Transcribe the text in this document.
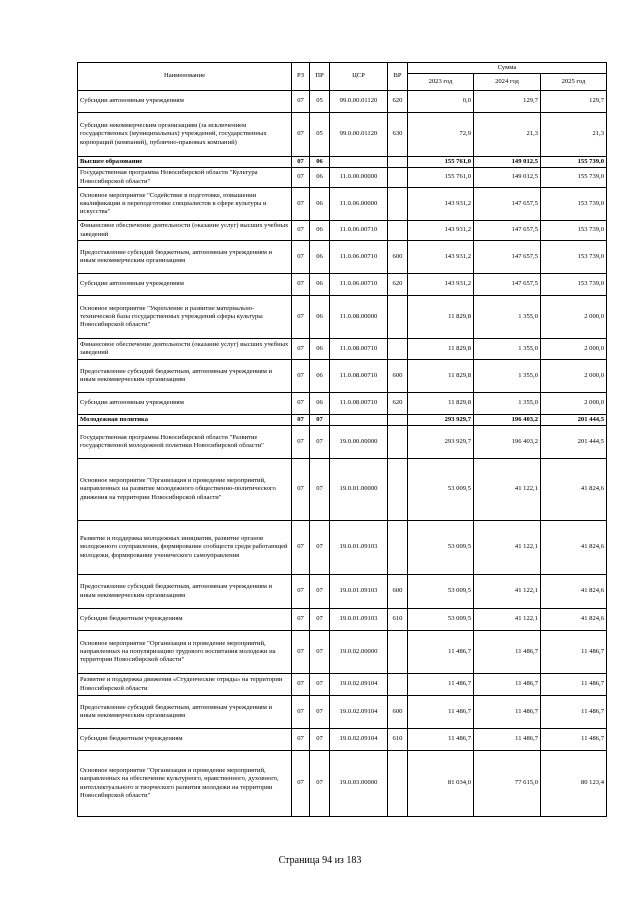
Наименование	РЗ	ПР	ЦСР	ВР	Сумма		
					2023 год	2024 год	2025 год
Субсидии автономным учреждениям	07	05	99.0.00.01120	620	0,0	129,7	129,7
Субсидии некоммерческим организациям (за исключением государственных (муниципальных) учреждений, государственных корпораций (компаний), публично-правовых компаний)	07	05	99.0.00.01120	630	72,9	21,3	21,3
Высшее образование	07	06			155 761,0	149 012,5	155 739,0
Государственная программа Новосибирской области "Культура Новосибирской области"	07	06	11.0.00.00000		155 761,0	149 012,5	155 739,0
Основное мероприятие "Содействие в подготовке, повышении квалификации и переподготовке специалистов в сфере культуры и искусства"	07	06	11.0.06.00000		143 931,2	147 657,5	153 739,0
Финансовое обеспечение деятельности (оказание услуг) высших учебных заведений	07	06	11.0.06.00710		143 931,2	147 657,5	153 739,0
Предоставление субсидий бюджетным, автономным учреждениям и иным некоммерческим организациям	07	06	11.0.06.00710	600	143 931,2	147 657,5	153 739,0
Субсидии автономным учреждениям	07	06	11.0.06.00710	620	143 931,2	147 657,5	153 739,0
Основное мероприятие "Укрепление и развитие материально-технической базы государственных учреждений сферы культуры Новосибирской области"	07	06	11.0.08.00000		11 829,8	1 355,0	2 000,0
Финансовое обеспечение деятельности (оказание услуг) высших учебных заведений	07	06	11.0.08.00710		11 829,8	1 355,0	2 000,0
Предоставление субсидий бюджетным, автономным учреждениям и иным некоммерческим организациям	07	06	11.0.08.00710	600	11 829,8	1 355,0	2 000,0
Субсидии автономным учреждениям	07	06	11.0.08.00710	620	11 829,8	1 355,0	2 000,0
Молодежная политика	07	07			293 929,7	196 403,2	201 444,5
Государственная программа Новосибирской области "Развитие государственной молодежной политики Новосибирской области"	07	07	19.0.00.00000		293 929,7	196 403,2	201 444,5
Основное мероприятие "Организация и проведение мероприятий, направленных на развитие молодежного общественно-политического движения на территории Новосибирской области"	07	07	19.0.01.00000		53 009,5	41 122,1	41 824,6
Развитие и поддержка молодежных инициатив, развитие органов молодежного соуправления, формирование сообществ среди работающей молодежи, формирование ученического самоуправления	07	07	19.0.01.09103		53 009,5	41 122,1	41 824,6
Предоставление субсидий бюджетным, автономным учреждениям и иным некоммерческим организациям	07	07	19.0.01.09103	600	53 009,5	41 122,1	41 824,6
Субсидии бюджетным учреждениям	07	07	19.0.01.09103	610	53 009,5	41 122,1	41 824,6
Основное мероприятие "Организация и проведение мероприятий, направленных на популяризацию трудового воспитания молодежи на территории Новосибирской области"	07	07	19.0.02.00000		11 486,7	11 486,7	11 486,7
Развитие и поддержка движения «Студенческие отряды» на территории Новосибирской области	07	07	19.0.02.09104		11 486,7	11 486,7	11 486,7
Предоставление субсидий бюджетным, автономным учреждениям и иным некоммерческим организациям	07	07	19.0.02.09104	600	11 486,7	11 486,7	11 486,7
Субсидии бюджетным учреждениям	07	07	19.0.02.09104	610	11 486,7	11 486,7	11 486,7
Основное мероприятие "Организация и проведение мероприятий, направленных на обеспечение культурного, нравственного, духовного, интеллектуального и творческого развития молодежи на территории Новосибирской области"	07	07	19.0.03.00000		81 034,0	77 615,0	80 123,4
Страница 94 из 183
